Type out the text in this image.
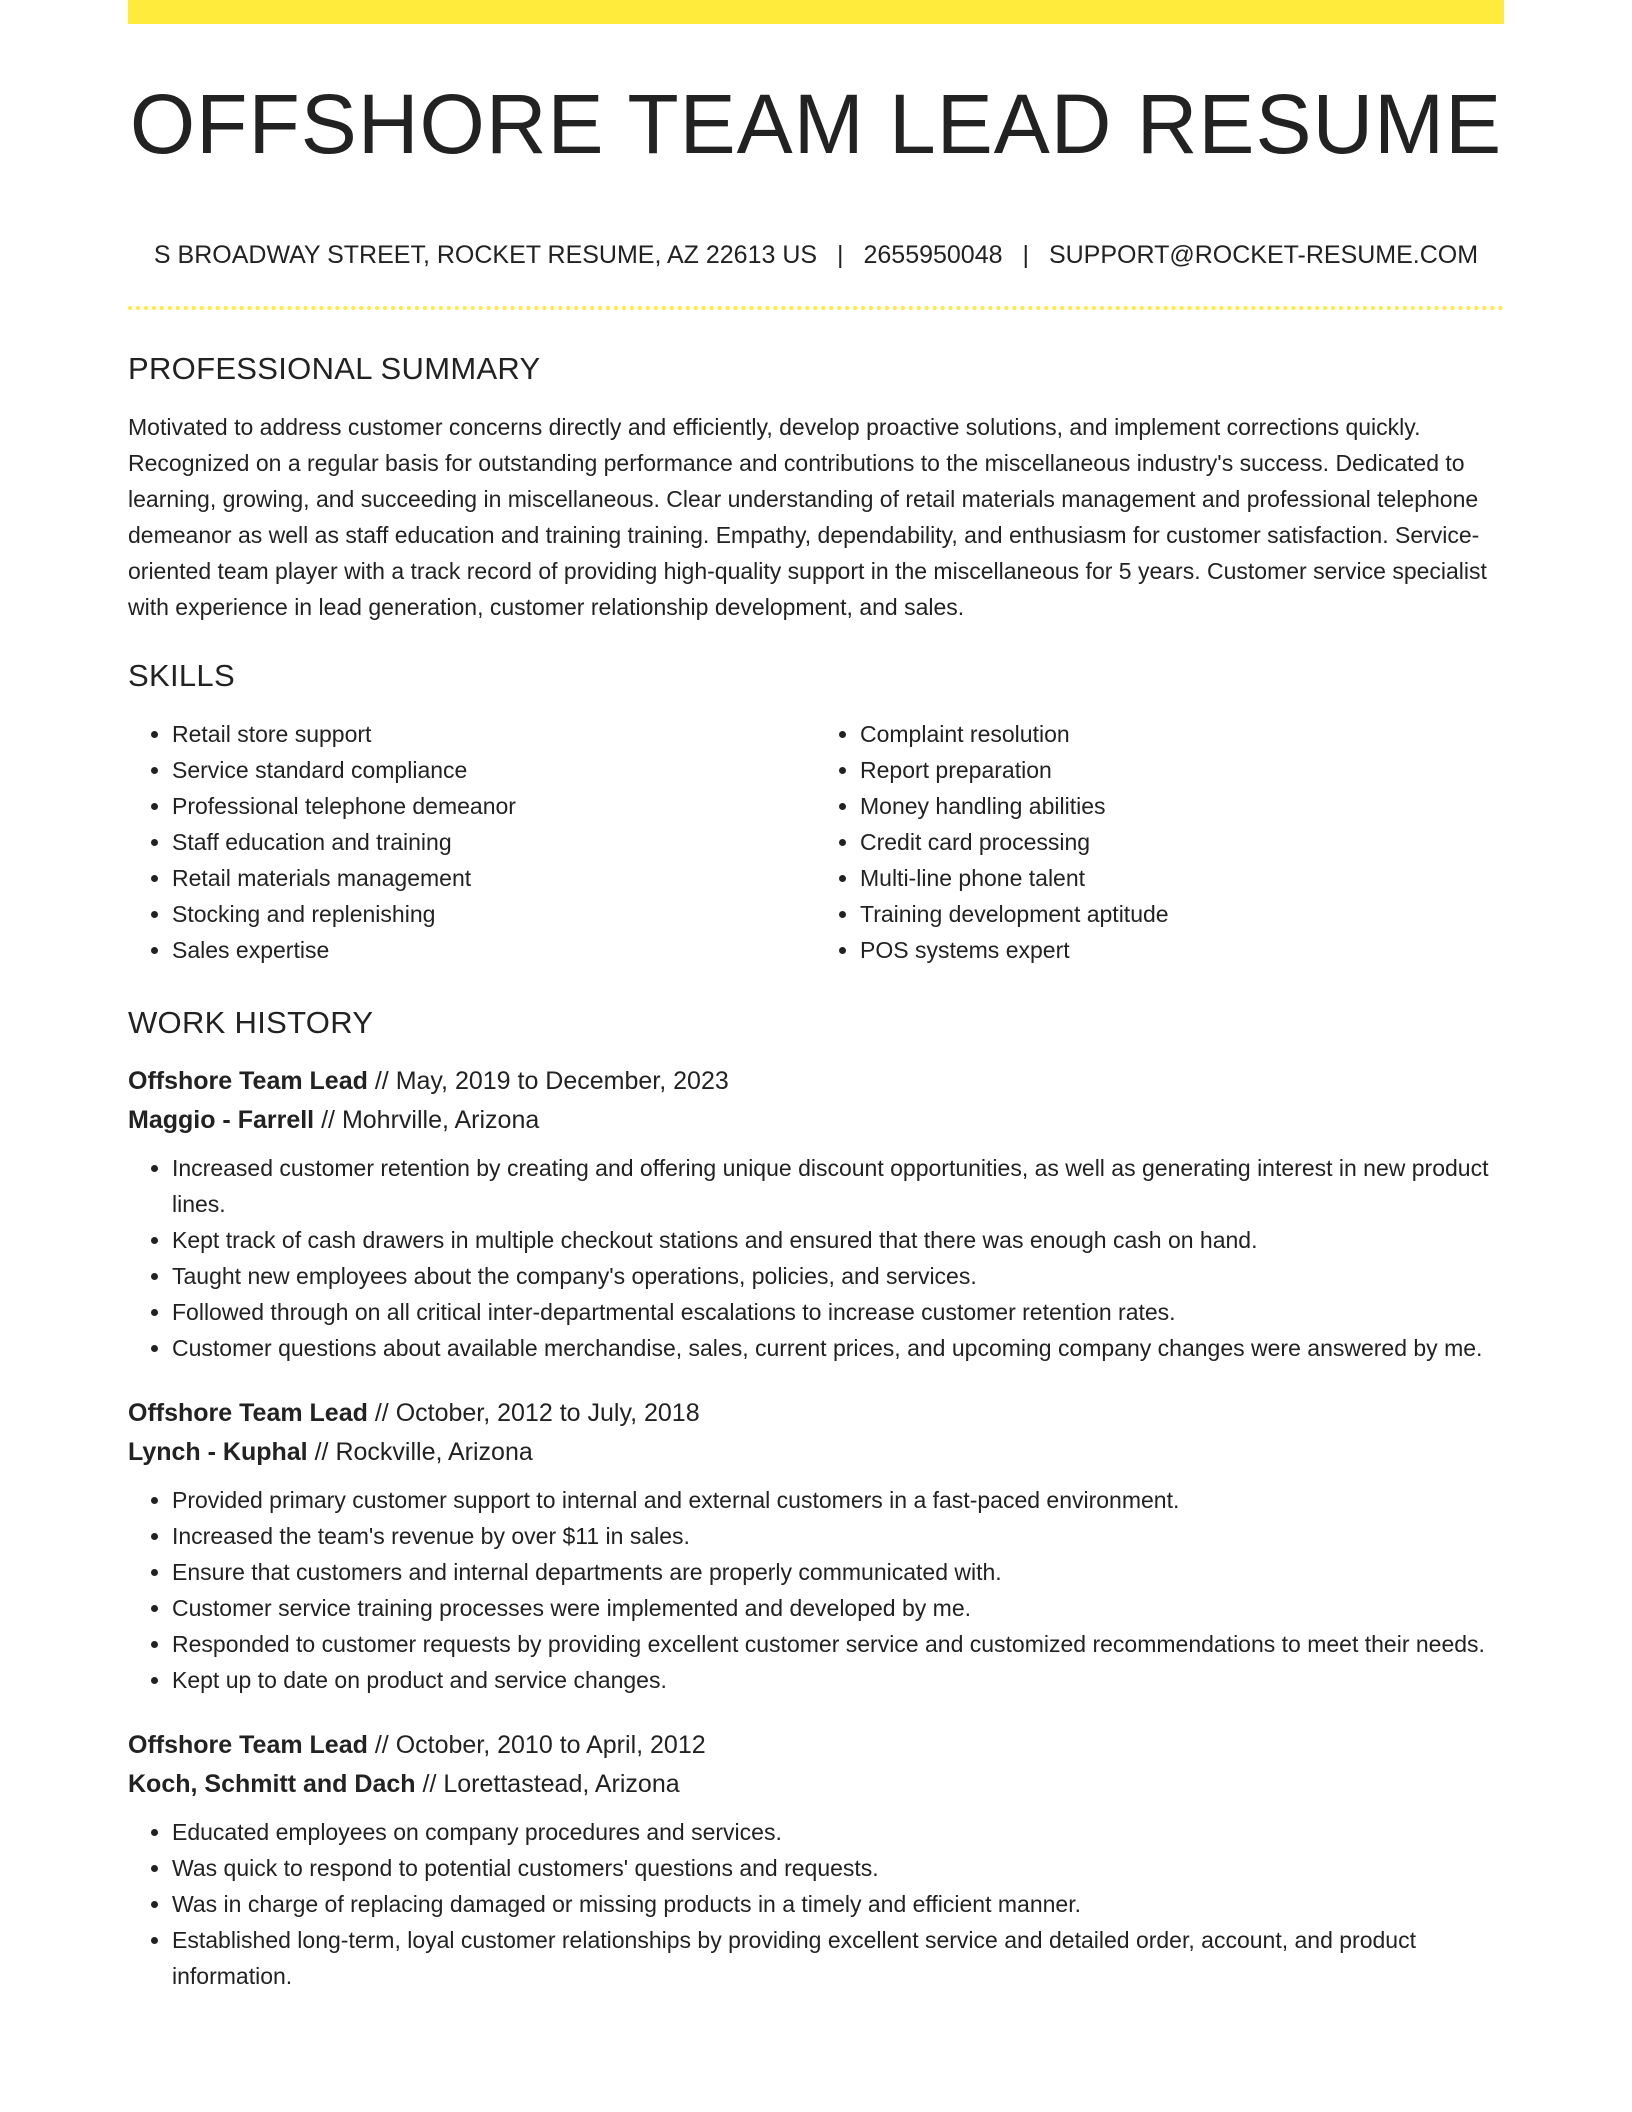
OFFSHORE TEAM LEAD RESUME
S BROADWAY STREET, ROCKET RESUME, AZ 22613 US | 2655950048 | SUPPORT@ROCKET-RESUME.COM
PROFESSIONAL SUMMARY

Motivated to address customer concerns directly and efficiently, develop proactive solutions, and implement corrections quickly. Recognized on a regular basis for outstanding performance and contributions to the miscellaneous industry's success. Dedicated to learning, growing, and succeeding in miscellaneous. Clear understanding of retail materials management and professional telephone demeanor as well as staff education and training training. Empathy, dependability, and enthusiasm for customer satisfaction. Service-oriented team player with a track record of providing high-quality support in the miscellaneous for 5 years. Customer service specialist with experience in lead generation, customer relationship development, and sales.

SKILLS
• Retail store support
• Service standard compliance
• Professional telephone demeanor
• Staff education and training
• Retail materials management
• Stocking and replenishing
• Sales expertise
• Complaint resolution
• Report preparation
• Money handling abilities
• Credit card processing
• Multi-line phone talent
• Training development aptitude
• POS systems expert
WORK HISTORY
Offshore Team Lead // May, 2019 to December, 2023
Maggio - Farrell // Mohrville, Arizona
• Increased customer retention by creating and offering unique discount opportunities, as well as generating interest in new product lines.
• Kept track of cash drawers in multiple checkout stations and ensured that there was enough cash on hand.
• Taught new employees about the company's operations, policies, and services.
• Followed through on all critical inter-departmental escalations to increase customer retention rates.
• Customer questions about available merchandise, sales, current prices, and upcoming company changes were answered by me.
Offshore Team Lead // October, 2012 to July, 2018
Lynch - Kuphal // Rockville, Arizona
• Provided primary customer support to internal and external customers in a fast-paced environment.
• Increased the team's revenue by over $11 in sales.
• Ensure that customers and internal departments are properly communicated with.
• Customer service training processes were implemented and developed by me.
• Responded to customer requests by providing excellent customer service and customized recommendations to meet their needs.
• Kept up to date on product and service changes.
Offshore Team Lead // October, 2010 to April, 2012
Koch, Schmitt and Dach // Lorettastead, Arizona
• Educated employees on company procedures and services.
• Was quick to respond to potential customers' questions and requests.
• Was in charge of replacing damaged or missing products in a timely and efficient manner.
• Established long-term, loyal customer relationships by providing excellent service and detailed order, account, and product information.
